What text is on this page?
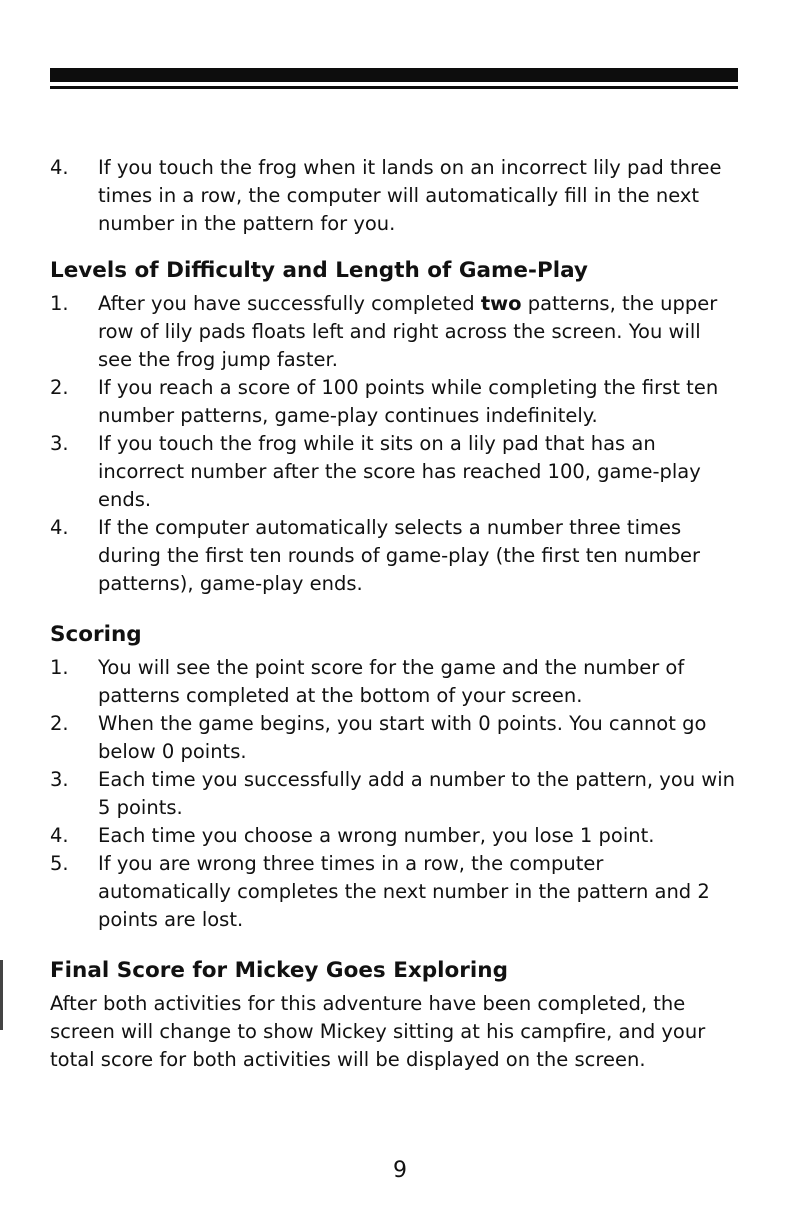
4.	If you touch the frog when it lands on an incorrect lily pad three times in a row, the computer will automatically fill in the next number in the pattern for you.
Levels of Difficulty and Length of Game-Play
1.	After you have successfully completed two patterns, the upper row of lily pads floats left and right across the screen. You will see the frog jump faster.
2.	If you reach a score of 100 points while completing the first ten number patterns, game-play continues indefinitely.
3.	If you touch the frog while it sits on a lily pad that has an incorrect number after the score has reached 100, game-play ends.
4.	If the computer automatically selects a number three times during the first ten rounds of game-play (the first ten number patterns), game-play ends.
Scoring
1.	You will see the point score for the game and the number of patterns completed at the bottom of your screen.
2.	When the game begins, you start with 0 points. You cannot go below 0 points.
3.	Each time you successfully add a number to the pattern, you win 5 points.
4.	Each time you choose a wrong number, you lose 1 point.
5.	If you are wrong three times in a row, the computer automatically completes the next number in the pattern and 2 points are lost.
Final Score for Mickey Goes Exploring
After both activities for this adventure have been completed, the screen will change to show Mickey sitting at his campfire, and your total score for both activities will be displayed on the screen.
9
